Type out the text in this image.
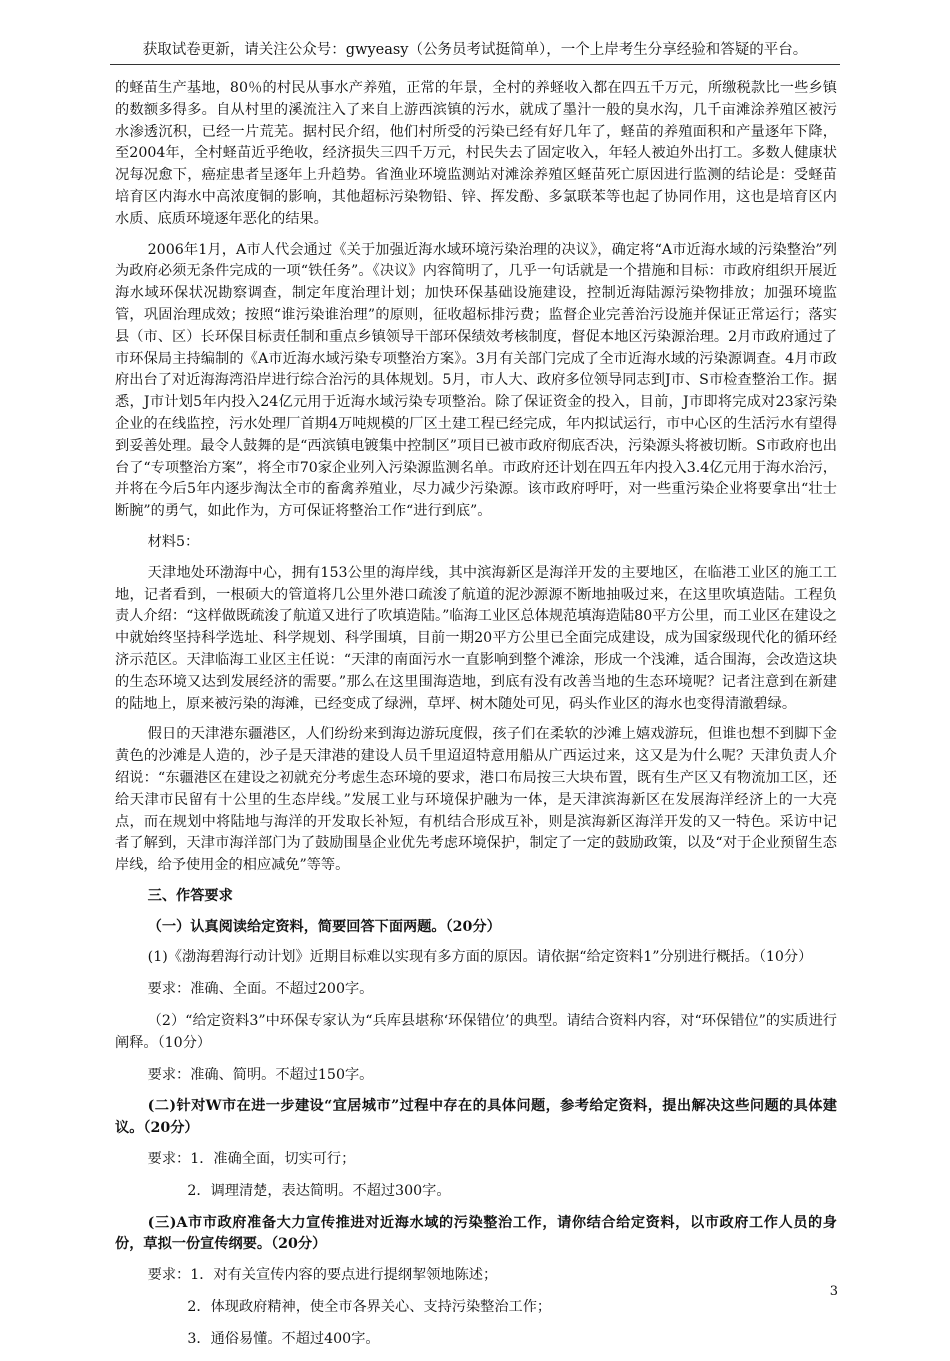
获取试卷更新，请关注公众号：gwyeasy（公务员考试挺简单），一个上岸考生分享经验和答疑的平台。

的蛏苗生产基地，80％的村民从事水产养殖，正常的年景，全村的养蛏收入都在四五千万元，所缴税款比一些乡镇的数额多得多。自从村里的溪流注入了来自上游西滨镇的污水，就成了墨汁一般的臭水沟，几千亩滩涂养殖区被污水渗透沉积，已经一片荒芜。据村民介绍，他们村所受的污染已经有好几年了，蛏苗的养殖面积和产量逐年下降，至2004年，全村蛏苗近乎绝收，经济损失三四千万元，村民失去了固定收入，年轻人被迫外出打工。多数人健康状况每况愈下，癌症患者呈逐年上升趋势。省渔业环境监测站对滩涂养殖区蛏苗死亡原因进行监测的结论是：受蛏苗培育区内海水中高浓度铜的影响，其他超标污染物铅、锌、挥发酚、多氯联苯等也起了协同作用，这也是培育区内水质、底质环境逐年恶化的结果。

2006年1月，A市人代会通过《关于加强近海水域环境污染治理的决议》，确定将“A市近海水域的污染整治”列为政府必须无条件完成的一项“铁任务”。《决议》内容简明了，几乎一句话就是一个措施和目标：市政府组织开展近海水域环保状况勘察调查，制定年度治理计划；加快环保基础设施建设，控制近海陆源污染物排放；加强环境监管，巩固治理成效；按照“谁污染谁治理”的原则，征收超标排污费；监督企业完善治污设施并保证正常运行；落实县（市、区）长环保目标责任制和重点乡镇领导干部环保绩效考核制度，督促本地区污染源治理。2月市政府通过了市环保局主持编制的《A市近海水域污染专项整治方案》。3月有关部门完成了全市近海水域的污染源调查。4月市政府出台了对近海海湾沿岸进行综合治污的具体规划。5月，市人大、政府多位领导同志到J市、S市检查整治工作。据悉，J市计划5年内投入24亿元用于近海水域污染专项整治。除了保证资金的投入，目前，J市即将完成对23家污染企业的在线监控，污水处理厂首期4万吨规模的厂区土建工程已经完成，年内拟试运行，市中心区的生活污水有望得到妥善处理。最令人鼓舞的是“西滨镇电镀集中控制区”项目已被市政府彻底否决，污染源头将被切断。S市政府也出台了“专项整治方案”，将全市70家企业列入污染源监测名单。市政府还计划在四五年内投入3.4亿元用于海水治污，并将在今后5年内逐步淘汰全市的畜禽养殖业，尽力减少污染源。该市政府呼吁，对一些重污染企业将要拿出“壮士断腕”的勇气，如此作为，方可保证将整治工作“进行到底”。

材料5：

天津地处环渤海中心，拥有153公里的海岸线，其中滨海新区是海洋开发的主要地区，在临港工业区的施工工地，记者看到，一根硕大的管道将几公里外港口疏浚了航道的泥沙源源不断地抽吸过来，在这里吹填造陆。工程负责人介绍：“这样做既疏浚了航道又进行了吹填造陆。”临海工业区总体规范填海造陆80平方公里，而工业区在建设之中就始终坚持科学选址、科学规划、科学围填，目前一期20平方公里已全面完成建设，成为国家级现代化的循环经济示范区。天津临海工业区主任说：“天津的南面污水一直影响到整个滩涂，形成一个浅滩，适合围海，会改造这块的生态环境又达到发展经济的需要。”那么在这里围海造地，到底有没有改善当地的生态环境呢？记者注意到在新建的陆地上，原来被污染的海滩，已经变成了绿洲，草坪、树木随处可见，码头作业区的海水也变得清澈碧绿。

假日的天津港东疆港区，人们纷纷来到海边游玩度假，孩子们在柔软的沙滩上嬉戏游玩，但谁也想不到脚下金黄色的沙滩是人造的，沙子是天津港的建设人员千里迢迢特意用船从广西运过来，这又是为什么呢？天津负责人介绍说：“东疆港区在建设之初就充分考虑生态环境的要求，港口布局按三大块布置，既有生产区又有物流加工区，还给天津市民留有十公里的生态岸线。”发展工业与环境保护融为一体，是天津滨海新区在发展海洋经济上的一大亮点，而在规划中将陆地与海洋的开发取长补短，有机结合形成互补，则是滨海新区海洋开发的又一特色。采访中记者了解到，天津市海洋部门为了鼓励围垦企业优先考虑环境保护，制定了一定的鼓励政策，以及“对于企业预留生态岸线，给予使用金的相应减免”等等。

三、作答要求

（一）认真阅读给定资料，简要回答下面两题。（20分）

(1)《渤海碧海行动计划》近期目标难以实现有多方面的原因。请依据“给定资料1”分别进行概括。（10分）

要求：准确、全面。不超过200字。

（2）“给定资料3”中环保专家认为“兵库县堪称‘环保错位’的典型。请结合资料内容，对“环保错位”的实质进行阐释。（10分）

要求：准确、简明。不超过150字。

(二)针对W市在进一步建设“宜居城市”过程中存在的具体问题，参考给定资料，提出解决这些问题的具体建议。（20分）

要求：1．准确全面，切实可行；

2．调理清楚，表达简明。不超过300字。

(三)A市市政府准备大力宣传推进对近海水域的污染整治工作，请你结合给定资料，以市政府工作人员的身份，草拟一份宣传纲要。（20分）

要求：1．对有关宣传内容的要点进行提纲挈领地陈述；

2．体现政府精神，使全市各界关心、支持污染整治工作；

3．通俗易懂。不超过400字。

3
